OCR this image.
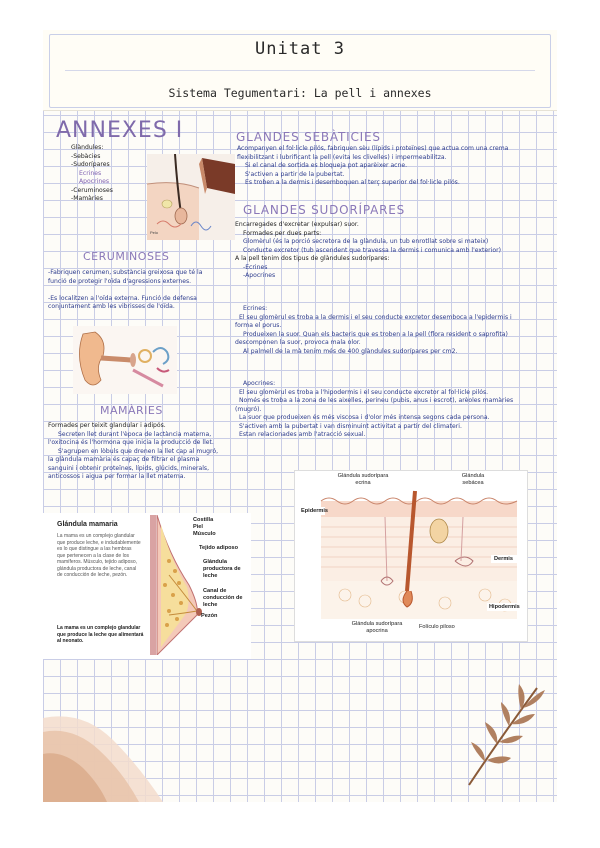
Unitat 3
Sistema Tegumentari: La pell i annexes
ANNEXES I
Glàndules:
-Sebàcies
-Sudorípares
Ecrines
Apocrines
-Ceruminoses
-Mamàries
Pelo
CERUMINOSES
-Fabriquen cerumen, substància greixosa que té la
funció de protegir l'oïda d'agressions externes.
-Es localitzen a l'oïda externa. Funció de defensa
conjuntament amb les vibrisses de l'oïda.
MAMÀRIES
Formades per teixit glandular i adipós.
Secreten llet durant l'època de lactància materna,
l'oxitocina és l'hormona que inicia la producció de llet.
S'agrupen en lòbuls que drenen la llet cap al mugró,
la glàndula mamària és capaç de filtrar el plasma
sanguini i obtenir proteïnes, lípids, glúcids, minerals,
anticossos i aigua per formar la llet materna.
GLANDES SEBÀTICIES
Acompanyen el fol·licle pilós, fabriquen sèu (lípids i proteïnes) que actua com una crema
flexibilitzant i lubrificant la pell (evita les clivelles) i impermeabilitza.
Si el canal de sortida es bloqueja pot aparèixer acne.
S'activen a partir de la pubertat.
Es troben a la dermis i desemboquen al terç superior del fol·licle pilós.
GLANDES SUDORÍPARES
Encarregades d'excretar (expulsar) suor.
Formades per dues parts:
Glomèrul (és la porció secretora de la glàndula, un tub enrotllat sobre si mateix)
Conducte excretor (tub ascendent que travessa la dermis i comunica amb l'exterior)
A la pell tenim dos tipus de glàndules sudorípares:
-Ecrines
-Apocrines
Ecrines:
El seu glomèrul es troba a la dermis i el seu conducte excretor desemboca a l'epidermis i
forma el porus.
Produeixen la suor. Quan els bacteris que es troben a la pell (flora resident o saprofita)
descomponen la suor, provoca mala olor.
Al palmell de la mà tenim més de 400 glàndules sudorípares per cm2.
Apocrines:
El seu glomèrul es troba a l'hipodermis i el seu conducte excretor al fol·licle pilós.
Només es troba a la zona de les aixelles, perineu (pubis, anus i escrot), arèoles mamàries
(mugró).
La suor que produeixen és més viscosa i d'olor més intensa segons cada persona.
S'activen amb la pubertat i van disminuint activitat a partir del climateri.
Estan relacionades amb l'atracció sexual.
Glándula mamaria
La mama es un complejo glandular que produce leche, e indudablemente es lo que distingue a las hembras que pertenecen a la clase de los mamíferos. Músculo, tejido adiposo, glándula productora de leche, canal de conducción de leche, pezón.
La mama es un complejo glandular que produce la leche que alimentará al neonato.
Costilla
Piel
Músculo
Tejido adiposo
Glándula productora de leche
Canal de conducción de leche
Pezón
Glándula sudorípara ecrina
Glándula sebácea
Epidermis
Dermis
Hipodermis
Glándula sudorípara apocrina
Folículo piloso
